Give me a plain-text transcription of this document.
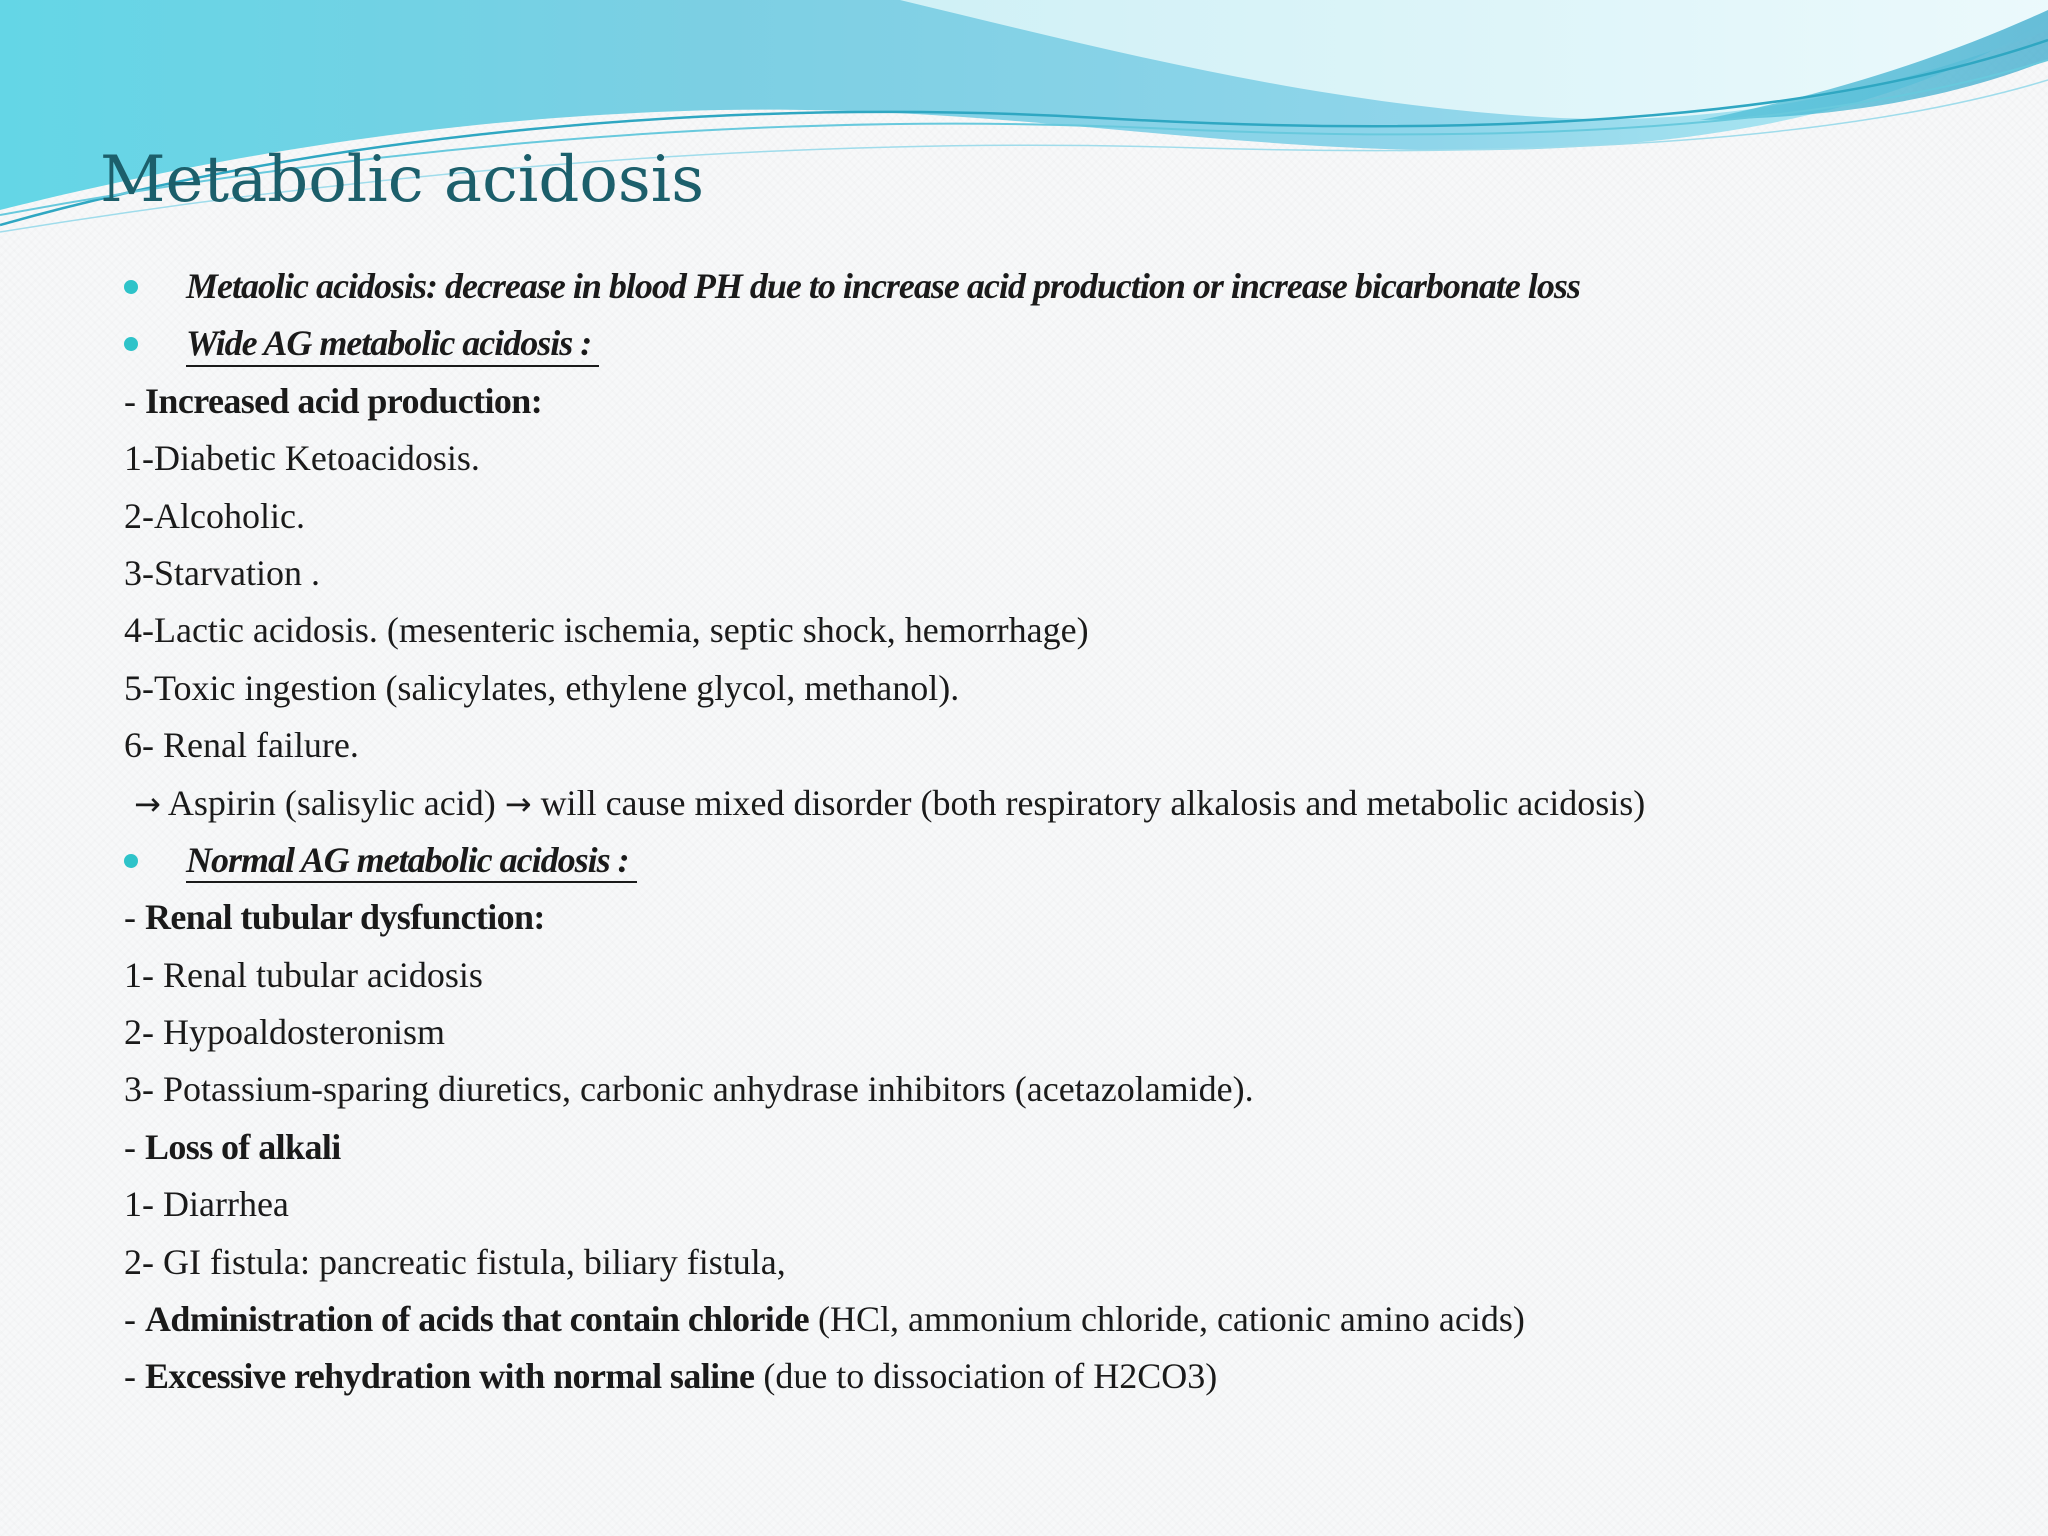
Metabolic acidosis
Metaolic acidosis: decrease in blood PH due to increase acid production or increase bicarbonate loss
Wide AG metabolic acidosis :
- Increased acid production:
1-Diabetic Ketoacidosis.
2-Alcoholic.
3-Starvation .
4-Lactic acidosis. (mesenteric ischemia, septic shock, hemorrhage)
5-Toxic ingestion (salicylates, ethylene glycol, methanol).
6- Renal failure.
→ Aspirin (salisylic acid) → will cause mixed disorder (both respiratory alkalosis and metabolic acidosis)
Normal AG metabolic acidosis :
- Renal tubular dysfunction:
1- Renal tubular acidosis
2- Hypoaldosteronism
3- Potassium-sparing diuretics, carbonic anhydrase inhibitors (acetazolamide).
- Loss of alkali
1- Diarrhea
2- GI fistula: pancreatic fistula, biliary fistula,
- Administration of acids that contain chloride (HCl, ammonium chloride, cationic amino acids)
- Excessive rehydration with normal saline (due to dissociation of H2CO3)
